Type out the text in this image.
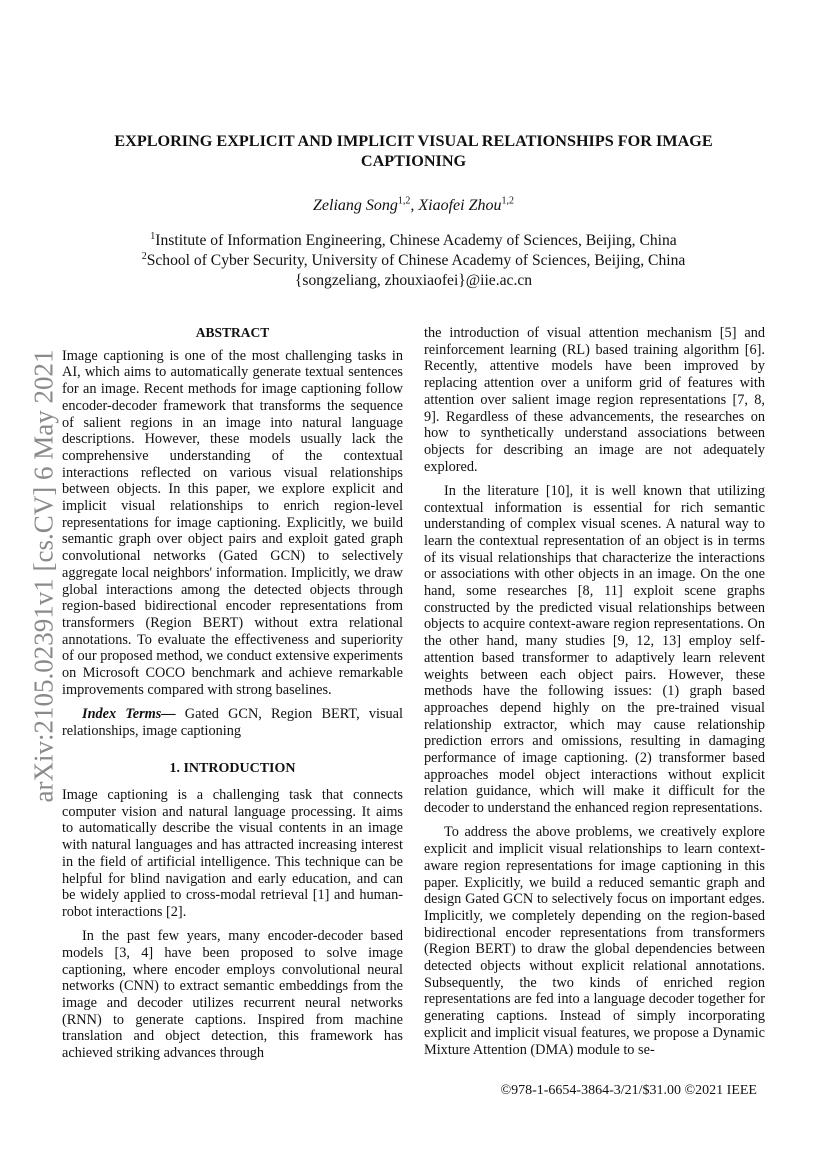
arXiv:2105.02391v1 [cs.CV] 6 May 2021
EXPLORING EXPLICIT AND IMPLICIT VISUAL RELATIONSHIPS FOR IMAGE CAPTIONING
Zeliang Song$^{1,2}$, Xiaofei Zhou$^{1,2}$
$^1$Institute of Information Engineering, Chinese Academy of Sciences, Beijing, China
$^2$School of Cyber Security, University of Chinese Academy of Sciences, Beijing, China
{songzeliang, zhouxiaofei}@iie.ac.cn
ABSTRACT

Image captioning is one of the most challenging tasks in AI, which aims to automatically generate textual sentences for an image. Recent methods for image captioning follow encoder-decoder framework that transforms the sequence of salient regions in an image into natural language descriptions. However, these models usually lack the comprehensive understanding of the contextual interactions reflected on various visual relationships between objects. In this paper, we explore explicit and implicit visual relationships to enrich region-level representations for image captioning. Explicitly, we build semantic graph over object pairs and exploit gated graph convolutional networks (Gated GCN) to selectively aggregate local neighbors' information. Implicitly, we draw global interactions among the detected objects through region-based bidirectional encoder representations from transformers (Region BERT) without extra relational annotations. To evaluate the effectiveness and superiority of our proposed method, we conduct extensive experiments on Microsoft COCO benchmark and achieve remarkable improvements compared with strong baselines.

Index Terms— Gated GCN, Region BERT, visual relationships, image captioning

1. INTRODUCTION

Image captioning is a challenging task that connects computer vision and natural language processing. It aims to automatically describe the visual contents in an image with natural languages and has attracted increasing interest in the field of artificial intelligence. This technique can be helpful for blind navigation and early education, and can be widely applied to cross-modal retrieval [1] and human-robot interactions [2].

In the past few years, many encoder-decoder based models [3, 4] have been proposed to solve image captioning, where encoder employs convolutional neural networks (CNN) to extract semantic embeddings from the image and decoder utilizes recurrent neural networks (RNN) to generate captions. Inspired from machine translation and object detection, this framework has achieved striking advances through

the introduction of visual attention mechanism [5] and reinforcement learning (RL) based training algorithm [6]. Recently, attentive models have been improved by replacing attention over a uniform grid of features with attention over salient image region representations [7, 8, 9]. Regardless of these advancements, the researches on how to synthetically understand associations between objects for describing an image are not adequately explored.

In the literature [10], it is well known that utilizing contextual information is essential for rich semantic understanding of complex visual scenes. A natural way to learn the contextual representation of an object is in terms of its visual relationships that characterize the interactions or associations with other objects in an image. On the one hand, some researches [8, 11] exploit scene graphs constructed by the predicted visual relationships between objects to acquire context-aware region representations. On the other hand, many studies [9, 12, 13] employ self-attention based transformer to adaptively learn relevent weights between each object pairs. However, these methods have the following issues: (1) graph based approaches depend highly on the pre-trained visual relationship extractor, which may cause relationship prediction errors and omissions, resulting in damaging performance of image captioning. (2) transformer based approaches model object interactions without explicit relation guidance, which will make it difficult for the decoder to understand the enhanced region representations.

To address the above problems, we creatively explore explicit and implicit visual relationships to learn context-aware region representations for image captioning in this paper. Explicitly, we build a reduced semantic graph and design Gated GCN to selectively focus on important edges. Implicitly, we completely depending on the region-based bidirectional encoder representations from transformers (Region BERT) to draw the global dependencies between detected objects without explicit relational annotations. Subsequently, the two kinds of enriched region representations are fed into a language decoder together for generating captions. Instead of simply incorporating explicit and implicit visual features, we propose a Dynamic Mixture Attention (DMA) module to se-

©978-1-6654-3864-3/21/$31.00 ©2021 IEEE
